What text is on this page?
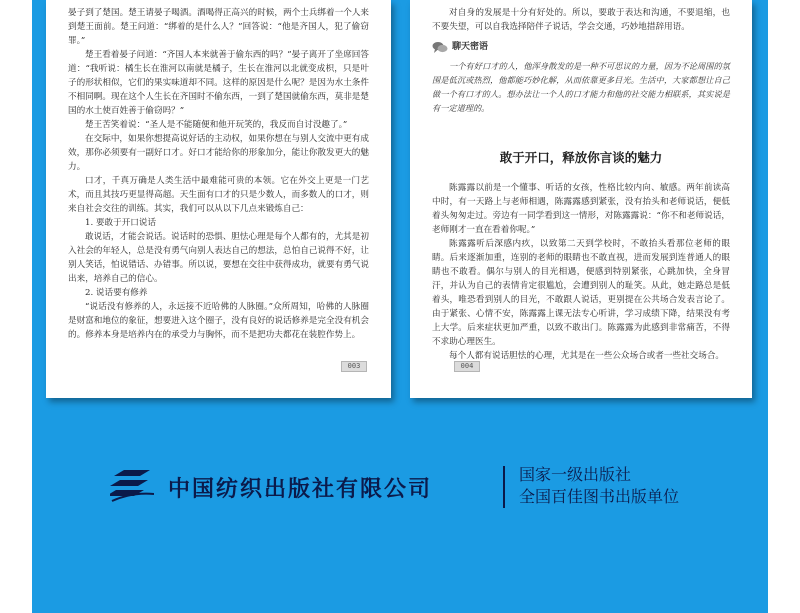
晏子到了楚国。楚王请晏子喝酒。酒喝得正高兴的时候，两个士兵绑着一个人来到楚王面前。楚王问道：“绑着的是什么人？”回答说：“他是齐国人，犯了偷窃罪。”

楚王看着晏子问道：“齐国人本来就善于偷东西的吗？”晏子离开了坐席回答道：“我听说：橘生长在淮河以南就是橘子，生长在淮河以北就变成枳，只是叶子的形状相似，它们的果实味道却不同。这样的原因是什么呢？是因为水土条件不相同啊。现在这个人生长在齐国时不偷东西，一到了楚国就偷东西，莫非是楚国的水土使百姓善于偷窃吗？”

楚王苦笑着说：“圣人是不能随便和他开玩笑的，我反而自讨没趣了。”

在交际中，如果你想提高说好话的主动权，如果你想在与别人交流中更有成效，那你必须要有一副好口才。好口才能给你的形象加分，能让你散发更大的魅力。

口才，千真万确是人类生活中最难能可贵的本领。它在外交上更是一门艺术，而且其技巧更显得高超。天生面有口才的只是少数人，而多数人的口才，则来自社会交往的训练。其实，我们可以从以下几点来锻炼自己：

1. 要敢于开口说话

敢说话，才能会说话。说话时的恐惧、胆怯心理是每个人都有的，尤其是初入社会的年轻人，总是没有勇气向别人表达自己的想法，总怕自己说得不好，让别人笑话，怕说错话、办错事。所以说，要想在交往中获得成功，就要有勇气说出来，培养自己的信心。

2. 说话要有修养

“说话没有修养的人，永远接不近哈佛的人脉圈。”众所周知，哈佛的人脉圈是财富和地位的象征，想要进入这个圈子，没有良好的说话修养是完全没有机会的。修养本身是培养内在的承受力与胸怀，而不是把功夫都花在装腔作势上。

003

对自身的发展是十分有好处的。所以，要敢于表达和沟通，不要退缩，也不要失望，可以自我选择陪伴子说话，学会交通，巧妙地措辞用语。

聊天密语

一个有好口才的人，他浑身散发的是一种不可思议的力量，因为不论周围的氛围是低沉或热烈，他都能巧妙化解，从而依靠更多目光。生活中，大家都想让自己做一个有口才的人。想办法让一个人的口才能力和他的社交能力相联系，其实说是有一定道理的。

敢于开口，释放你言谈的魅力

陈露露以前是一个懂事、听话的女孩，性格比较内向、敏感。两年前读高中时，有一天路上与老师相遇，陈露露感到紧张，没有抬头和老师说话，便低着头匆匆走过。旁边有一同学看到这一情形，对陈露露说：“你不和老师说话，老师刚才一直在看着你呢。”

陈露露听后深感内疚，以致第二天到学校时，不敢抬头看那位老师的眼睛。后来逐渐加重，连别的老师的眼睛也不敢直视，进而发展到连普通人的眼睛也不敢看。偶尔与别人的目光相遇，便感到特别紧张，心跳加快，全身冒汗，并认为自己的表情肯定很尴尬，会遭到别人的耻笑。从此，她走路总是低着头，唯恐看到别人的目光，不敢跟人说话，更别提在公共场合发表言论了。由于紧张、心情不安，陈露露上课无法专心听讲，学习成绩下降，结果没有考上大学。后来症状更加严重，以致不敢出门。陈露露为此感到非常痛苦，不得不求助心理医生。

每个人都有说话胆怯的心理，尤其是在一些公众场合或者一些社交场合。

004
中国纺织出版社有限公司
国家一级出版社
全国百佳图书出版单位
